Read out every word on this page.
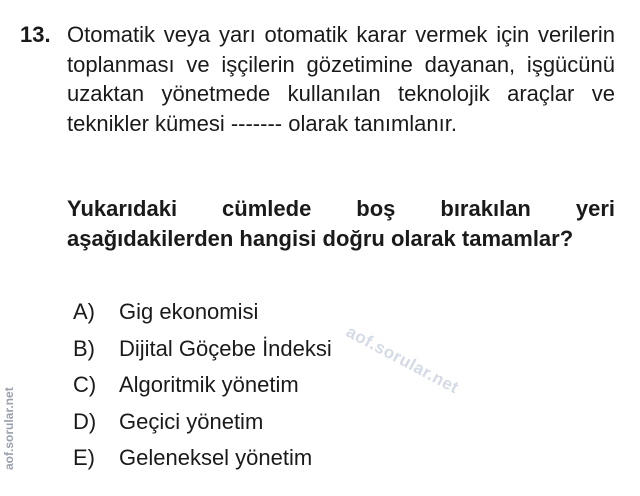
13. Otomatik veya yarı otomatik karar vermek için verilerin toplanması ve işçilerin gözetimine dayanan, işgücünü uzaktan yönetmede kullanılan teknolojik araçlar ve teknikler kümesi ------- olarak tanımlanır.
Yukarıdaki cümlede boş bırakılan yeri aşağıdakilerden hangisi doğru olarak tamamlar?
A)	Gig ekonomisi
B)	Dijital Göçebe İndeksi
C)	Algoritmik yönetim
D)	Geçici yönetim
E)	Geleneksel yönetim
aof.sorular.net
aof.sorular.net
